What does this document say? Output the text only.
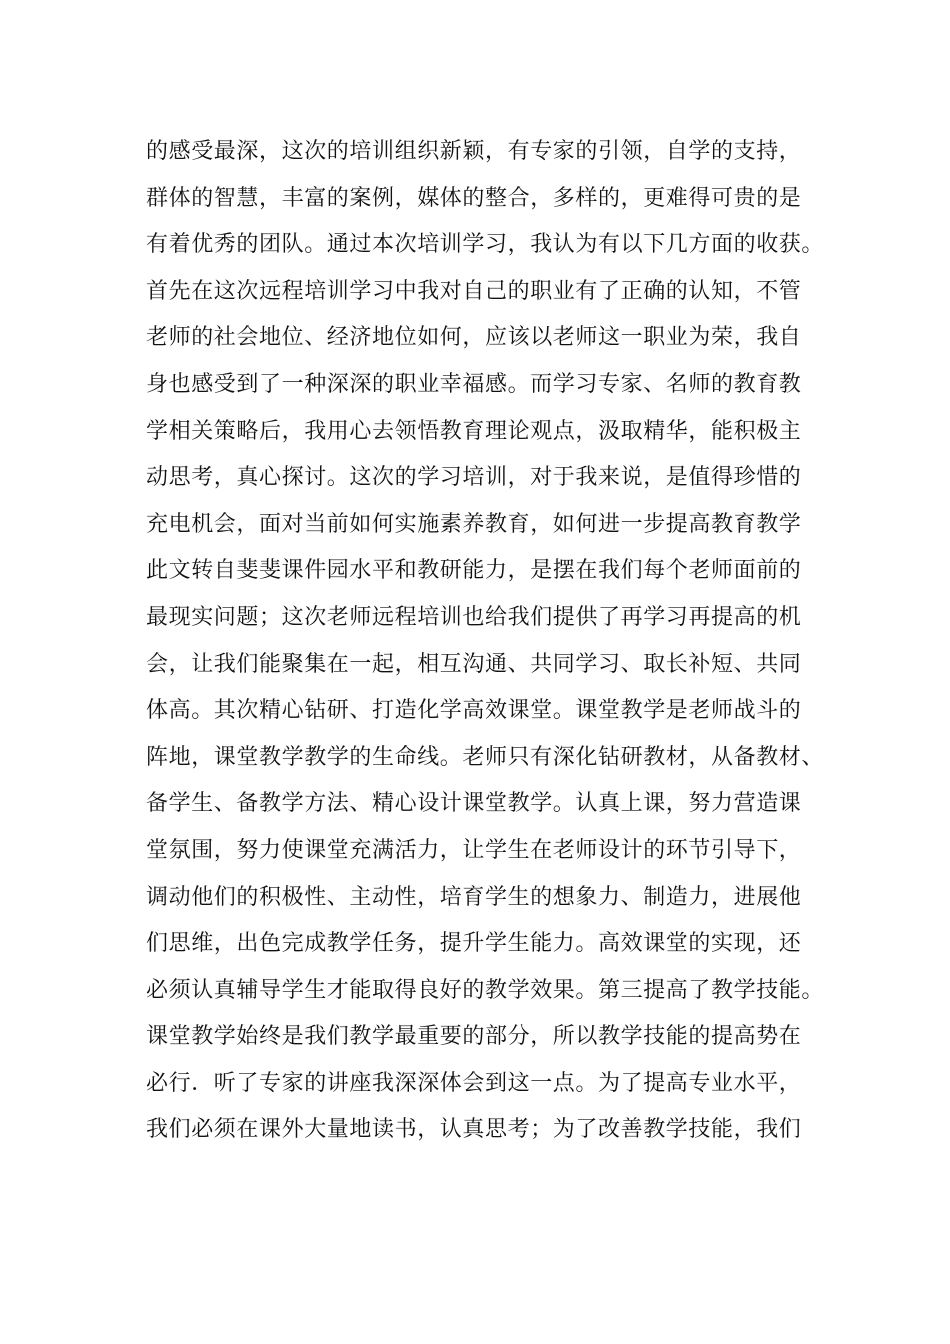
的感受最深，这次的培训组织新颖，有专家的引领，自学的支持，
群体的智慧，丰富的案例，媒体的整合，多样的，更难得可贵的是
有着优秀的团队。通过本次培训学习，我认为有以下几方面的收获。
首先在这次远程培训学习中我对自己的职业有了正确的认知，不管
老师的社会地位、经济地位如何，应该以老师这一职业为荣，我自
身也感受到了一种深深的职业幸福感。而学习专家、名师的教育教
学相关策略后，我用心去领悟教育理论观点，汲取精华，能积极主
动思考，真心探讨。这次的学习培训，对于我来说，是值得珍惜的
充电机会，面对当前如何实施素养教育，如何进一步提高教育教学
此文转自斐斐课件园水平和教研能力，是摆在我们每个老师面前的
最现实问题；这次老师远程培训也给我们提供了再学习再提高的机
会，让我们能聚集在一起，相互沟通、共同学习、取长补短、共同
体高。其次精心钻研、打造化学高效课堂。课堂教学是老师战斗的
阵地，课堂教学教学的生命线。老师只有深化钻研教材，从备教材、
备学生、备教学方法、精心设计课堂教学。认真上课，努力营造课
堂氛围，努力使课堂充满活力，让学生在老师设计的环节引导下，
调动他们的积极性、主动性，培育学生的想象力、制造力，进展他
们思维，出色完成教学任务，提升学生能力。高效课堂的实现，还
必须认真辅导学生才能取得良好的教学效果。第三提高了教学技能。
课堂教学始终是我们教学最重要的部分，所以教学技能的提高势在
必行．听了专家的讲座我深深体会到这一点。为了提高专业水平，
我们必须在课外大量地读书，认真思考；为了改善教学技能，我们
